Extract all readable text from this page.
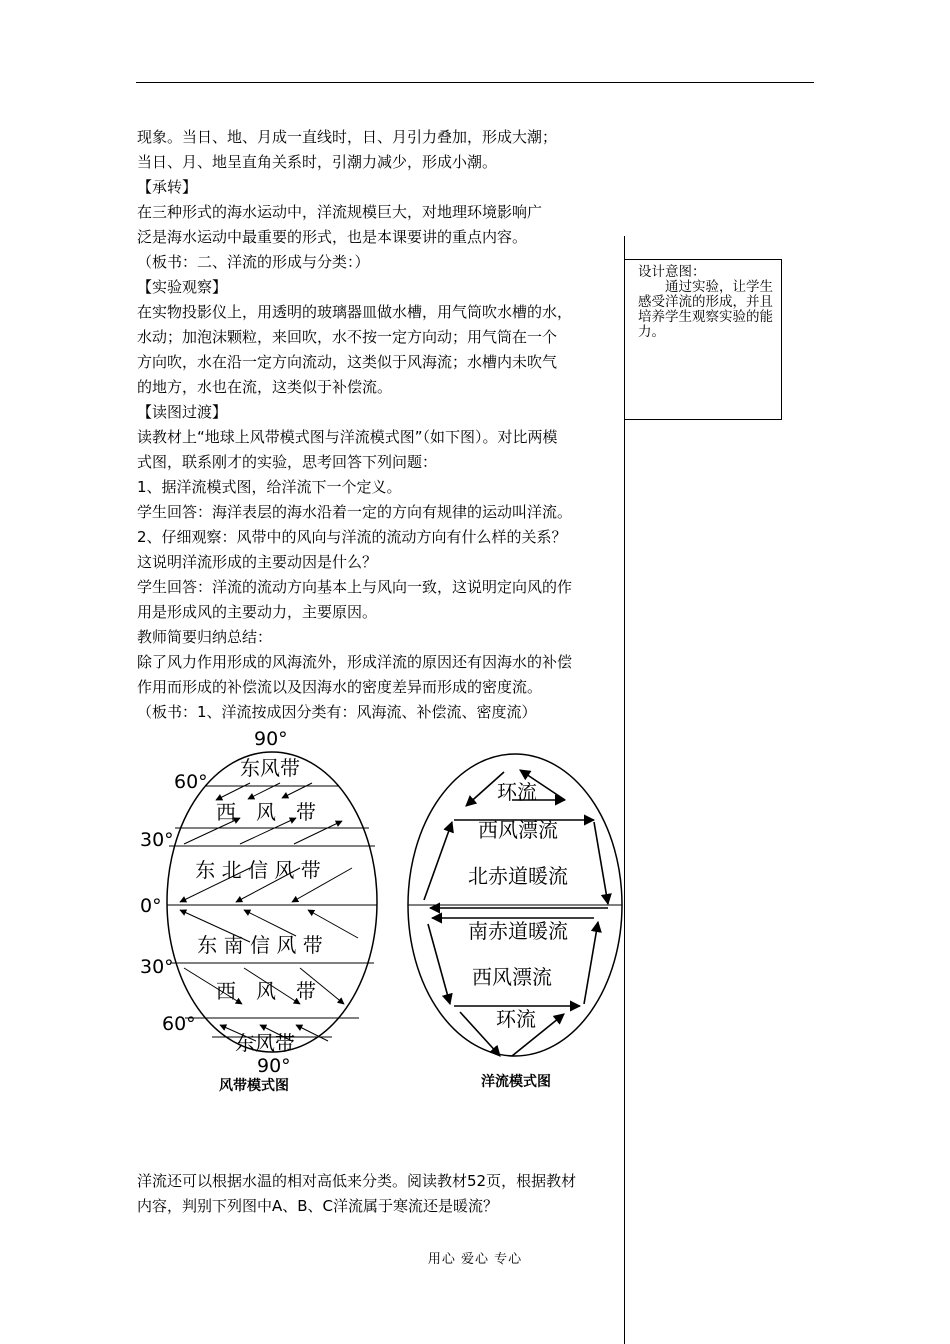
现象。当日、地、月成一直线时，日、月引力叠加，形成大潮；

当日、月、地呈直角关系时，引潮力减少，形成小潮。

【承转】

在三种形式的海水运动中，洋流规模巨大，对地理环境影响广

泛是海水运动中最重要的形式，也是本课要讲的重点内容。

（板书：二、洋流的形成与分类：）

【实验观察】

在实物投影仪上，用透明的玻璃器皿做水槽，用气筒吹水槽的水，

水动；加泡沫颗粒，来回吹，水不按一定方向动；用气筒在一个

方向吹，水在沿一定方向流动，这类似于风海流；水槽内未吹气

的地方，水也在流，这类似于补偿流。

【读图过渡】

读教材上“地球上风带模式图与洋流模式图”（如下图）。对比两模

式图，联系刚才的实验，思考回答下列问题：

1、据洋流模式图，给洋流下一个定义。

学生回答：海洋表层的海水沿着一定的方向有规律的运动叫洋流。

2、仔细观察：风带中的风向与洋流的流动方向有什么样的关系？

这说明洋流形成的主要动因是什么？

学生回答：洋流的流动方向基本上与风向一致，这说明定向风的作

用是形成风的主要动力，主要原因。

教师简要归纳总结：

除了风力作用形成的风海流外，形成洋流的原因还有因海水的补偿

作用而形成的补偿流以及因海水的密度差异而形成的密度流。

（板书：1、洋流按成因分类有：风海流、补偿流、密度流）

设计意图：

通过实验，让学生感受洋流的形成，并且培养学生观察实验的能力。

90°
60°
30°
0°
30°
60°
90°
东风带
西　风　带
东 北 信 风 带
东 南 信 风 带
西　风　带
东风带
风带模式图
环流
西风漂流
北赤道暖流
南赤道暖流
西风漂流
环流
洋流模式图

洋流还可以根据水温的相对高低来分类。阅读教材52页，根据教材

内容，判别下列图中A、B、C洋流属于寒流还是暖流？

用心 爱心 专心
